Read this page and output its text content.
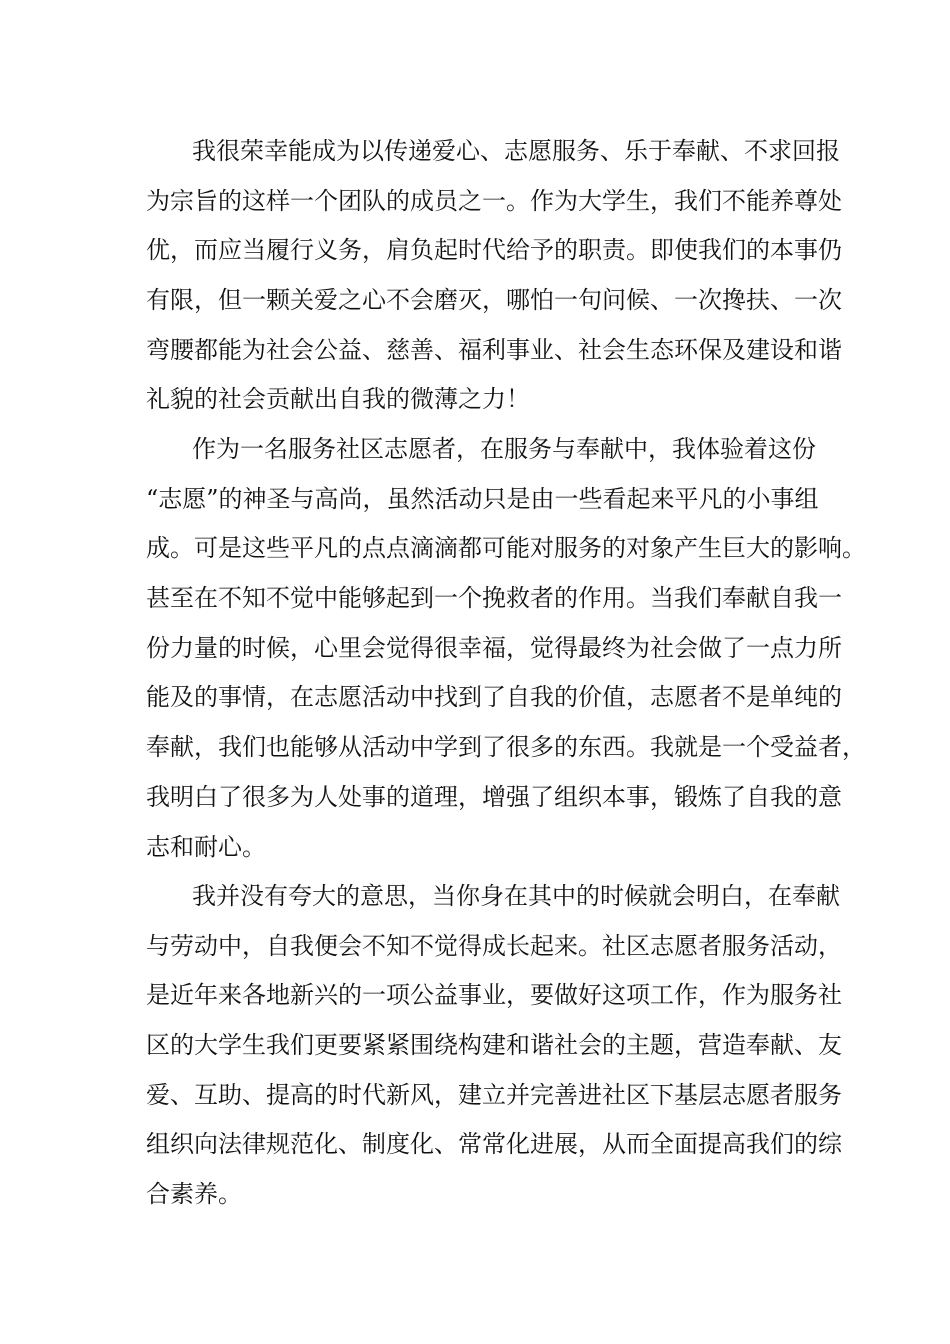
我很荣幸能成为以传递爱心、志愿服务、乐于奉献、不求回报
为宗旨的这样一个团队的成员之一。作为大学生，我们不能养尊处
优，而应当履行义务，肩负起时代给予的职责。即使我们的本事仍
有限，但一颗关爱之心不会磨灭，哪怕一句问候、一次搀扶、一次
弯腰都能为社会公益、慈善、福利事业、社会生态环保及建设和谐
礼貌的社会贡献出自我的微薄之力！
作为一名服务社区志愿者，在服务与奉献中，我体验着这份
“志愿”的神圣与高尚，虽然活动只是由一些看起来平凡的小事组
成。可是这些平凡的点点滴滴都可能对服务的对象产生巨大的影响。
甚至在不知不觉中能够起到一个挽救者的作用。当我们奉献自我一
份力量的时候，心里会觉得很幸福，觉得最终为社会做了一点力所
能及的事情，在志愿活动中找到了自我的价值，志愿者不是单纯的
奉献，我们也能够从活动中学到了很多的东西。我就是一个受益者，
我明白了很多为人处事的道理，增强了组织本事，锻炼了自我的意
志和耐心。
我并没有夸大的意思，当你身在其中的时候就会明白，在奉献
与劳动中，自我便会不知不觉得成长起来。社区志愿者服务活动，
是近年来各地新兴的一项公益事业，要做好这项工作，作为服务社
区的大学生我们更要紧紧围绕构建和谐社会的主题，营造奉献、友
爱、互助、提高的时代新风，建立并完善进社区下基层志愿者服务
组织向法律规范化、制度化、常常化进展，从而全面提高我们的综
合素养。
